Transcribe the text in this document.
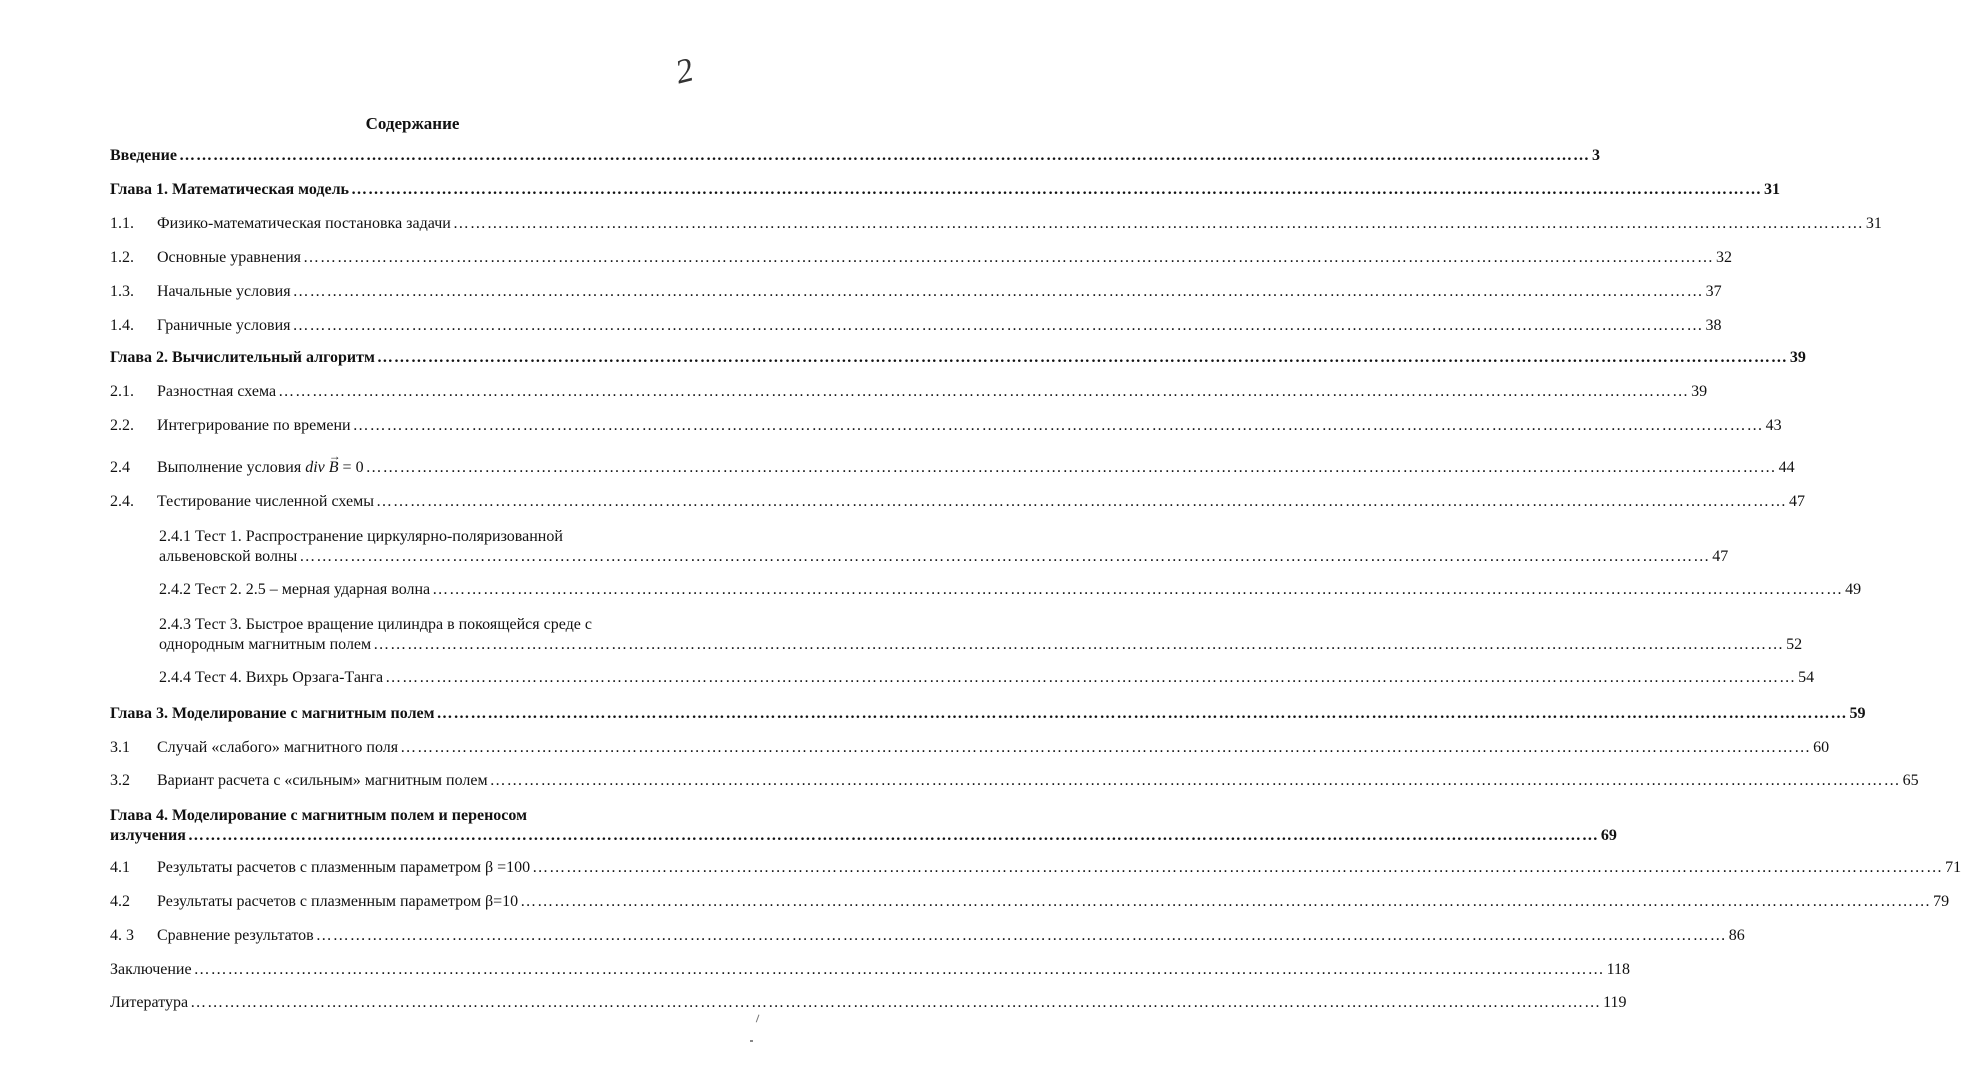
2
Содержание
Введение …………………………………………………………………………………………………………………………………………………………………………………………………………………………… 3
Глава 1. Математическая модель …………………………………………………………………………………………………………………………………………………………………………………………………………………………… 31
1.1.	Физико-математическая постановка задачи …………………………………………………………………………………………………………………………………………………………………………………………………………………………… 31
1.2.	Основные уравнения …………………………………………………………………………………………………………………………………………………………………………………………………………………………… 32
1.3.	Начальные условия …………………………………………………………………………………………………………………………………………………………………………………………………………………………… 37
1.4.	Граничные условия …………………………………………………………………………………………………………………………………………………………………………………………………………………………… 38
Глава 2. Вычислительный алгоритм …………………………………………………………………………………………………………………………………………………………………………………………………………………………… 39
2.1.	Разностная схема …………………………………………………………………………………………………………………………………………………………………………………………………………………………… 39
2.2.	Интегрирование по времени …………………………………………………………………………………………………………………………………………………………………………………………………………………………… 43
2.4	Выполнение условия div → B = 0 …………………………………………………………………………………………………………………………………………………………………………………………………………………………… 44
2.4.	Тестирование численной схемы …………………………………………………………………………………………………………………………………………………………………………………………………………………………… 47
2.4.1 Тест 1. Распространение циркулярно-поляризованной
альвеновской волны …………………………………………………………………………………………………………………………………………………………………………………………………………………………… 47
2.4.2 Тест 2. 2.5 – мерная ударная волна …………………………………………………………………………………………………………………………………………………………………………………………………………………………… 49
2.4.3 Тест 3. Быстрое вращение цилиндра в покоящейся среде с
однородным магнитным полем …………………………………………………………………………………………………………………………………………………………………………………………………………………………… 52
2.4.4 Тест 4. Вихрь Орзага-Танга …………………………………………………………………………………………………………………………………………………………………………………………………………………………… 54
Глава 3. Моделирование с магнитным полем …………………………………………………………………………………………………………………………………………………………………………………………………………………………… 59
3.1	Случай «слабого» магнитного поля …………………………………………………………………………………………………………………………………………………………………………………………………………………………… 60
3.2	Вариант расчета с «сильным» магнитным полем …………………………………………………………………………………………………………………………………………………………………………………………………………………………… 65
Глава 4. Моделирование с магнитным полем и переносом
излучения …………………………………………………………………………………………………………………………………………………………………………………………………………………………… 69
4.1	Результаты расчетов с плазменным параметром β =100 …………………………………………………………………………………………………………………………………………………………………………………………………………………………… 71
4.2	Результаты расчетов с плазменным параметром β=10 …………………………………………………………………………………………………………………………………………………………………………………………………………………………… 79
4. 3	Сравнение результатов …………………………………………………………………………………………………………………………………………………………………………………………………………………………… 86
Заключение …………………………………………………………………………………………………………………………………………………………………………………………………………………………… 118
Литература …………………………………………………………………………………………………………………………………………………………………………………………………………………………… 119
